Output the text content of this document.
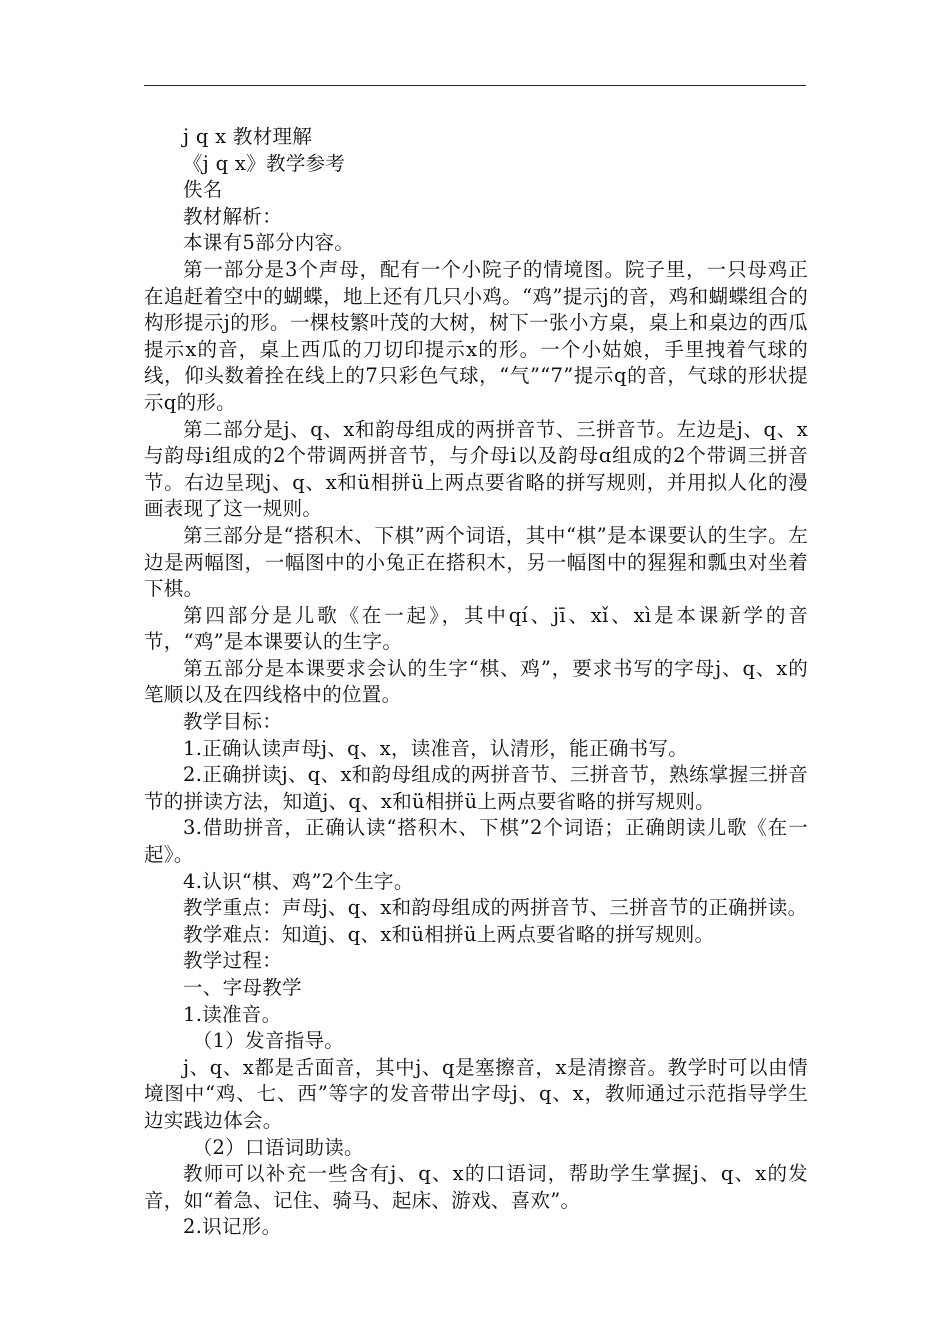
j q x 教材理解

《j q x》教学参考

佚名

教材解析：

本课有5部分内容。

第一部分是3个声母，配有一个小院子的情境图。院子里，一只母鸡正在追赶着空中的蝴蝶，地上还有几只小鸡。“鸡”提示j的音，鸡和蝴蝶组合的构形提示j的形。一棵枝繁叶茂的大树，树下一张小方桌，桌上和桌边的西瓜提示x的音，桌上西瓜的刀切印提示x的形。一个小姑娘，手里拽着气球的线，仰头数着拴在线上的7只彩色气球，“气”“7”提示q的音，气球的形状提示q的形。

第二部分是j、q、x和韵母组成的两拼音节、三拼音节。左边是j、q、x与韵母i组成的2个带调两拼音节，与介母i以及韵母ɑ组成的2个带调三拼音节。右边呈现j、q、x和ü相拼ü上两点要省略的拼写规则，并用拟人化的漫画表现了这一规则。

第三部分是“搭积木、下棋”两个词语，其中“棋”是本课要认的生字。左边是两幅图，一幅图中的小兔正在搭积木，另一幅图中的猩猩和瓢虫对坐着下棋。

第四部分是儿歌《在一起》，其中qí、jī、xǐ、xì是本课新学的音节，“鸡”是本课要认的生字。

第五部分是本课要求会认的生字“棋、鸡”，要求书写的字母j、q、x的笔顺以及在四线格中的位置。

教学目标：

1.正确认读声母j、q、x，读准音，认清形，能正确书写。

2.正确拼读j、q、x和韵母组成的两拼音节、三拼音节，熟练掌握三拼音节的拼读方法，知道j、q、x和ü相拼ü上两点要省略的拼写规则。

3.借助拼音，正确认读“搭积木、下棋”2个词语；正确朗读儿歌《在一起》。

4.认识“棋、鸡”2个生字。

教学重点：声母j、q、x和韵母组成的两拼音节、三拼音节的正确拼读。

教学难点：知道j、q、x和ü相拼ü上两点要省略的拼写规则。

教学过程：

一、字母教学

1.读准音。

（1）发音指导。

j、q、x都是舌面音，其中j、q是塞擦音，x是清擦音。教学时可以由情境图中“鸡、七、西”等字的发音带出字母j、q、x，教师通过示范指导学生边实践边体会。

（2）口语词助读。

教师可以补充一些含有j、q、x的口语词，帮助学生掌握j、q、x的发音，如“着急、记住、骑马、起床、游戏、喜欢”。

2.识记形。
